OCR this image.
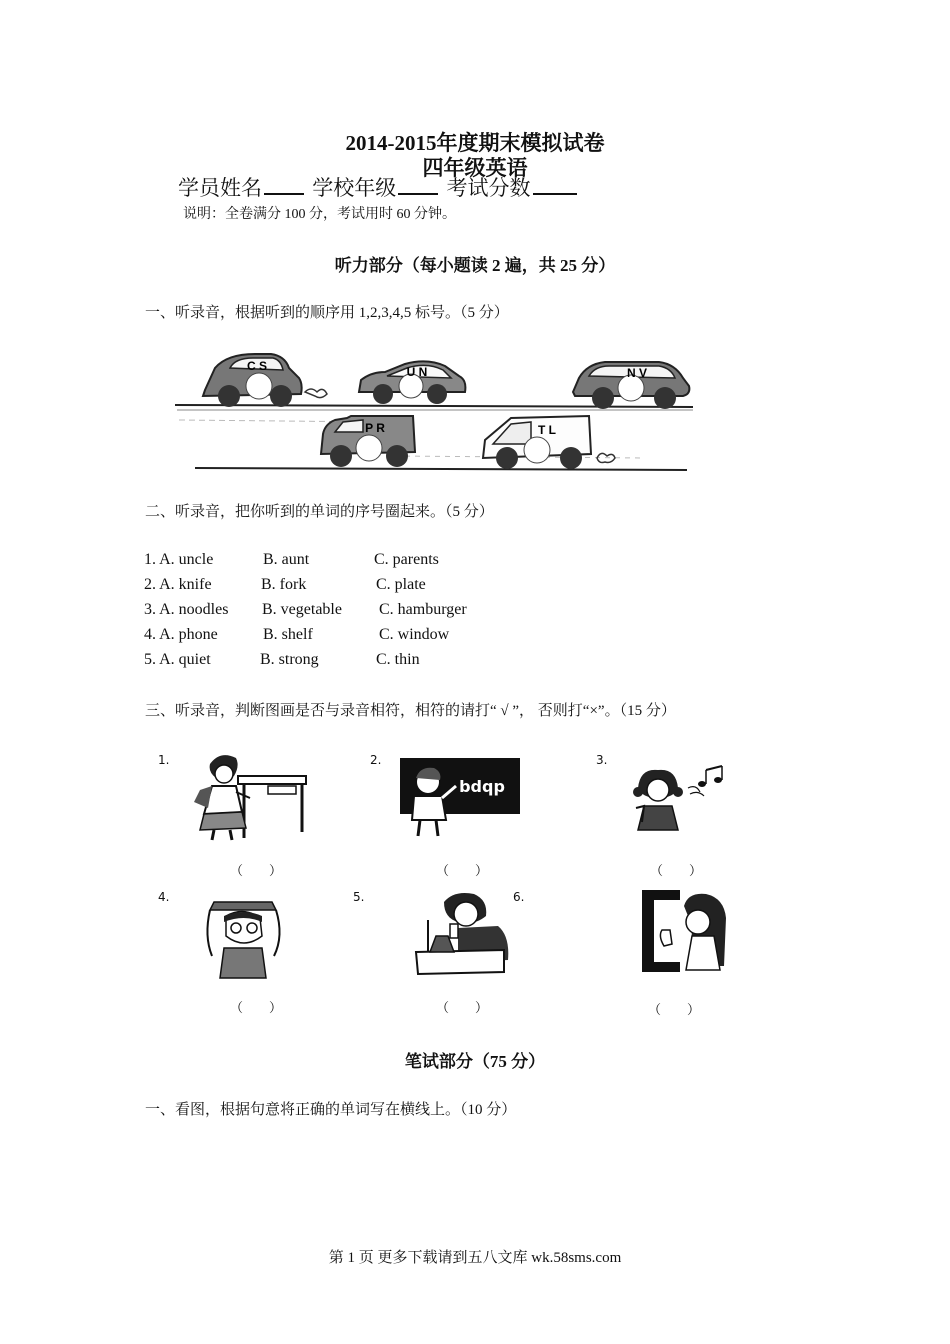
2014-2015年度期末模拟试卷
四年级英语
学员姓名 学校年级 考试分数
说明：全卷满分 100 分，考试用时 60 分钟。
听力部分（每小题读 2 遍，共 25 分）
一、听录音，根据听到的顺序用 1,2,3,4,5 标号。（5 分）
C S	U N	N V
P R	T L
二、听录音，把你听到的单词的序号圈起来。（5 分）
1. A. uncle	B. aunt	C. parents
2. A. knife	B. fork	C. plate
3. A. noodles B. vegetable C. hamburger
4. A. phone	B. shelf	C. window
5. A. quiet	B. strong	C. thin
三、听录音，判断图画是否与录音相符，相符的请打“ √ ”， 否则打“×”。（15 分）
1.	2.	3.
4.	5.	6.
bdqp
（　　）	（　　）	（　　）
（　　）	（　　）	（　　）
笔试部分（75 分）
一、看图，根据句意将正确的单词写在横线上。（10 分）
第 1 页 更多下载请到五八文库 wk.58sms.com
